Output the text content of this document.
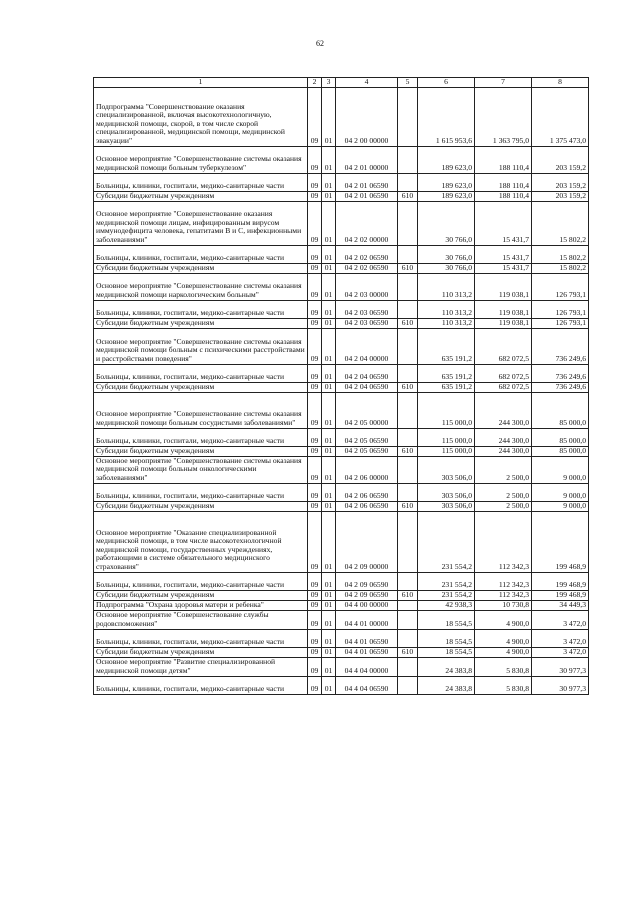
62
1	2	3	4	5	6	7	8
Подпрограмма "Совершенствование оказания специализированной, включая высокотехнологичную, медицинской помощи, скорой, в том числе скорой специализированной, медицинской помощи, медицинской эвакуации"	09	01	04 2 00 00000		1 615 953,6	1 363 795,0	1 375 473,0
Основное мероприятие "Совершенствование системы оказания медицинской помощи больным туберкулезом"	09	01	04 2 01 00000		189 623,0	188 110,4	203 159,2
Больницы, клиники, госпитали, медико-санитарные части	09	01	04 2 01 06590		189 623,0	188 110,4	203 159,2
Субсидии бюджетным учреждениям	09	01	04 2 01 06590	610	189 623,0	188 110,4	203 159,2
Основное мероприятие "Совершенствование оказания медицинской помощи лицам, инфицированным вирусом иммунодефицита человека, гепатитами В и С, инфекционными заболеваниями"	09	01	04 2 02 00000		30 766,0	15 431,7	15 802,2
Больницы, клиники, госпитали, медико-санитарные части	09	01	04 2 02 06590		30 766,0	15 431,7	15 802,2
Субсидии бюджетным учреждениям	09	01	04 2 02 06590	610	30 766,0	15 431,7	15 802,2
Основное мероприятие "Совершенствование системы оказания медицинской помощи наркологическим больным"	09	01	04 2 03 00000		110 313,2	119 038,1	126 793,1
Больницы, клиники, госпитали, медико-санитарные части	09	01	04 2 03 06590		110 313,2	119 038,1	126 793,1
Субсидии бюджетным учреждениям	09	01	04 2 03 06590	610	110 313,2	119 038,1	126 793,1
Основное мероприятие "Совершенствование системы оказания медицинской помощи больным с психическими расстройствами и расстройствами поведения"	09	01	04 2 04 00000		635 191,2	682 072,5	736 249,6
Больницы, клиники, госпитали, медико-санитарные части	09	01	04 2 04 06590		635 191,2	682 072,5	736 249,6
Субсидии бюджетным учреждениям	09	01	04 2 04 06590	610	635 191,2	682 072,5	736 249,6
Основное мероприятие "Совершенствование системы оказания медицинской помощи больным сосудистыми заболеваниями"	09	01	04 2 05 00000		115 000,0	244 300,0	85 000,0
Больницы, клиники, госпитали, медико-санитарные части	09	01	04 2 05 06590		115 000,0	244 300,0	85 000,0
Субсидии бюджетным учреждениям	09	01	04 2 05 06590	610	115 000,0	244 300,0	85 000,0
Основное мероприятие "Совершенствование системы оказания медицинской помощи больным онкологическими заболеваниями"	09	01	04 2 06 00000		303 506,0	2 500,0	9 000,0
Больницы, клиники, госпитали, медико-санитарные части	09	01	04 2 06 06590		303 506,0	2 500,0	9 000,0
Субсидии бюджетным учреждениям	09	01	04 2 06 06590	610	303 506,0	2 500,0	9 000,0
Основное мероприятие "Оказание специализированной медицинской помощи, в том числе высокотехнологичной медицинской помощи, государственных учреждениях, работающими в системе обязательного медицинского страхования"	09	01	04 2 09 00000		231 554,2	112 342,3	199 468,9
Больницы, клиники, госпитали, медико-санитарные части	09	01	04 2 09 06590		231 554,2	112 342,3	199 468,9
Субсидии бюджетным учреждениям	09	01	04 2 09 06590	610	231 554,2	112 342,3	199 468,9
Подпрограмма "Охрана здоровья матери и ребенка"	09	01	04 4 00 00000		42 938,3	10 730,8	34 449,3
Основное мероприятие "Совершенствование службы родовспоможения"	09	01	04 4 01 00000		18 554,5	4 900,0	3 472,0
Больницы, клиники, госпитали, медико-санитарные части	09	01	04 4 01 06590		18 554,5	4 900,0	3 472,0
Субсидии бюджетным учреждениям	09	01	04 4 01 06590	610	18 554,5	4 900,0	3 472,0
Основное мероприятие "Развитие специализированной медицинской помощи детям"	09	01	04 4 04 00000		24 383,8	5 830,8	30 977,3
Больницы, клиники, госпитали, медико-санитарные части	09	01	04 4 04 06590		24 383,8	5 830,8	30 977,3
